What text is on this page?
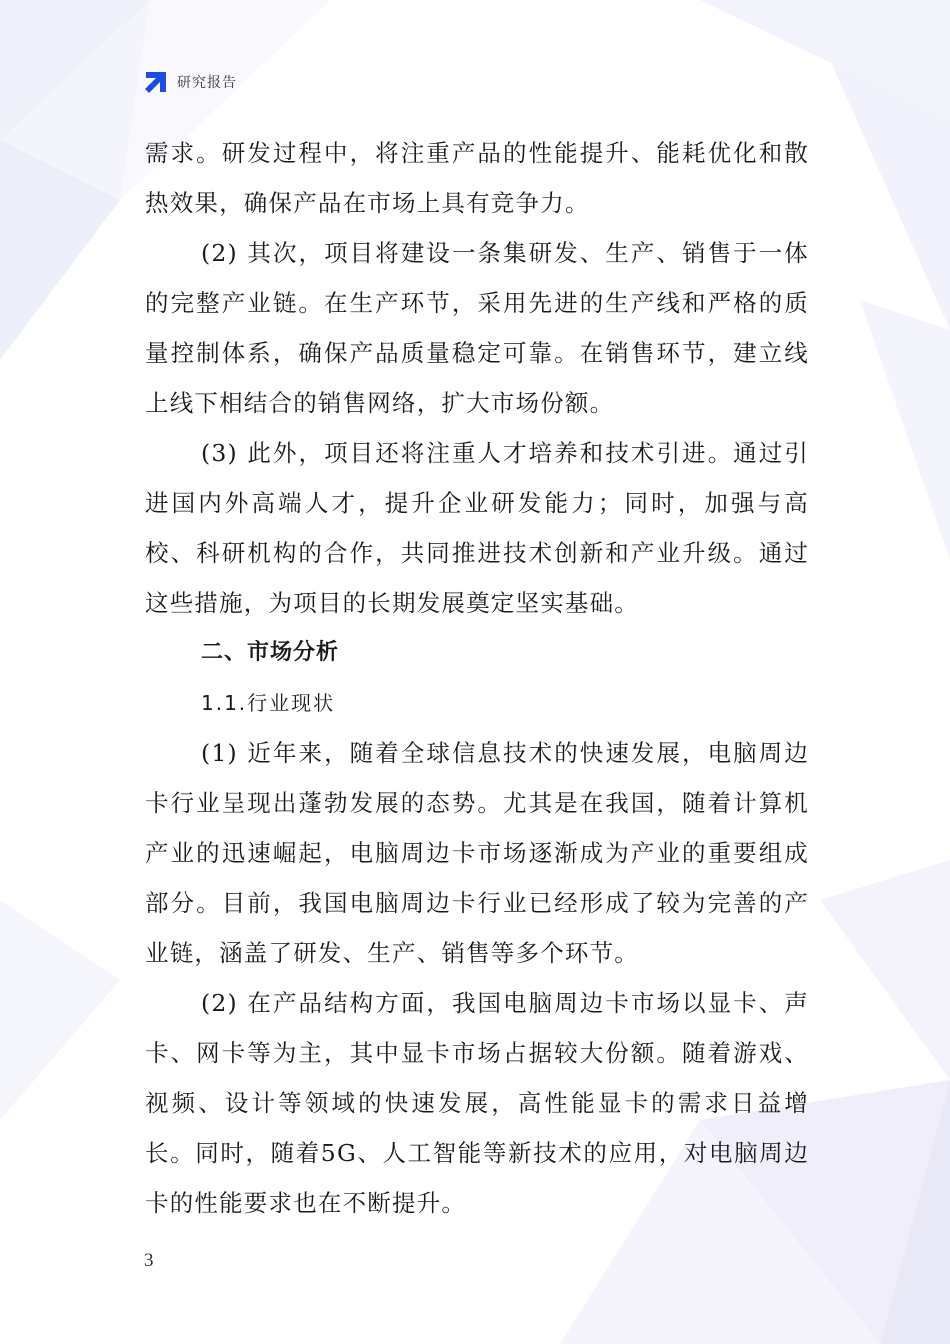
研究报告

需求。研发过程中，将注重产品的性能提升、能耗优化和散热效果，确保产品在市场上具有竞争力。

(2) 其次，项目将建设一条集研发、生产、销售于一体的完整产业链。在生产环节，采用先进的生产线和严格的质量控制体系，确保产品质量稳定可靠。在销售环节，建立线上线下相结合的销售网络，扩大市场份额。

(3) 此外，项目还将注重人才培养和技术引进。通过引进国内外高端人才，提升企业研发能力；同时，加强与高校、科研机构的合作，共同推进技术创新和产业升级。通过这些措施，为项目的长期发展奠定坚实基础。

二、市场分析

1.1.行业现状

(1) 近年来，随着全球信息技术的快速发展，电脑周边卡行业呈现出蓬勃发展的态势。尤其是在我国，随着计算机产业的迅速崛起，电脑周边卡市场逐渐成为产业的重要组成部分。目前，我国电脑周边卡行业已经形成了较为完善的产业链，涵盖了研发、生产、销售等多个环节。

(2) 在产品结构方面，我国电脑周边卡市场以显卡、声卡、网卡等为主，其中显卡市场占据较大份额。随着游戏、视频、设计等领域的快速发展，高性能显卡的需求日益增长。同时，随着5G、人工智能等新技术的应用，对电脑周边卡的性能要求也在不断提升。

3
